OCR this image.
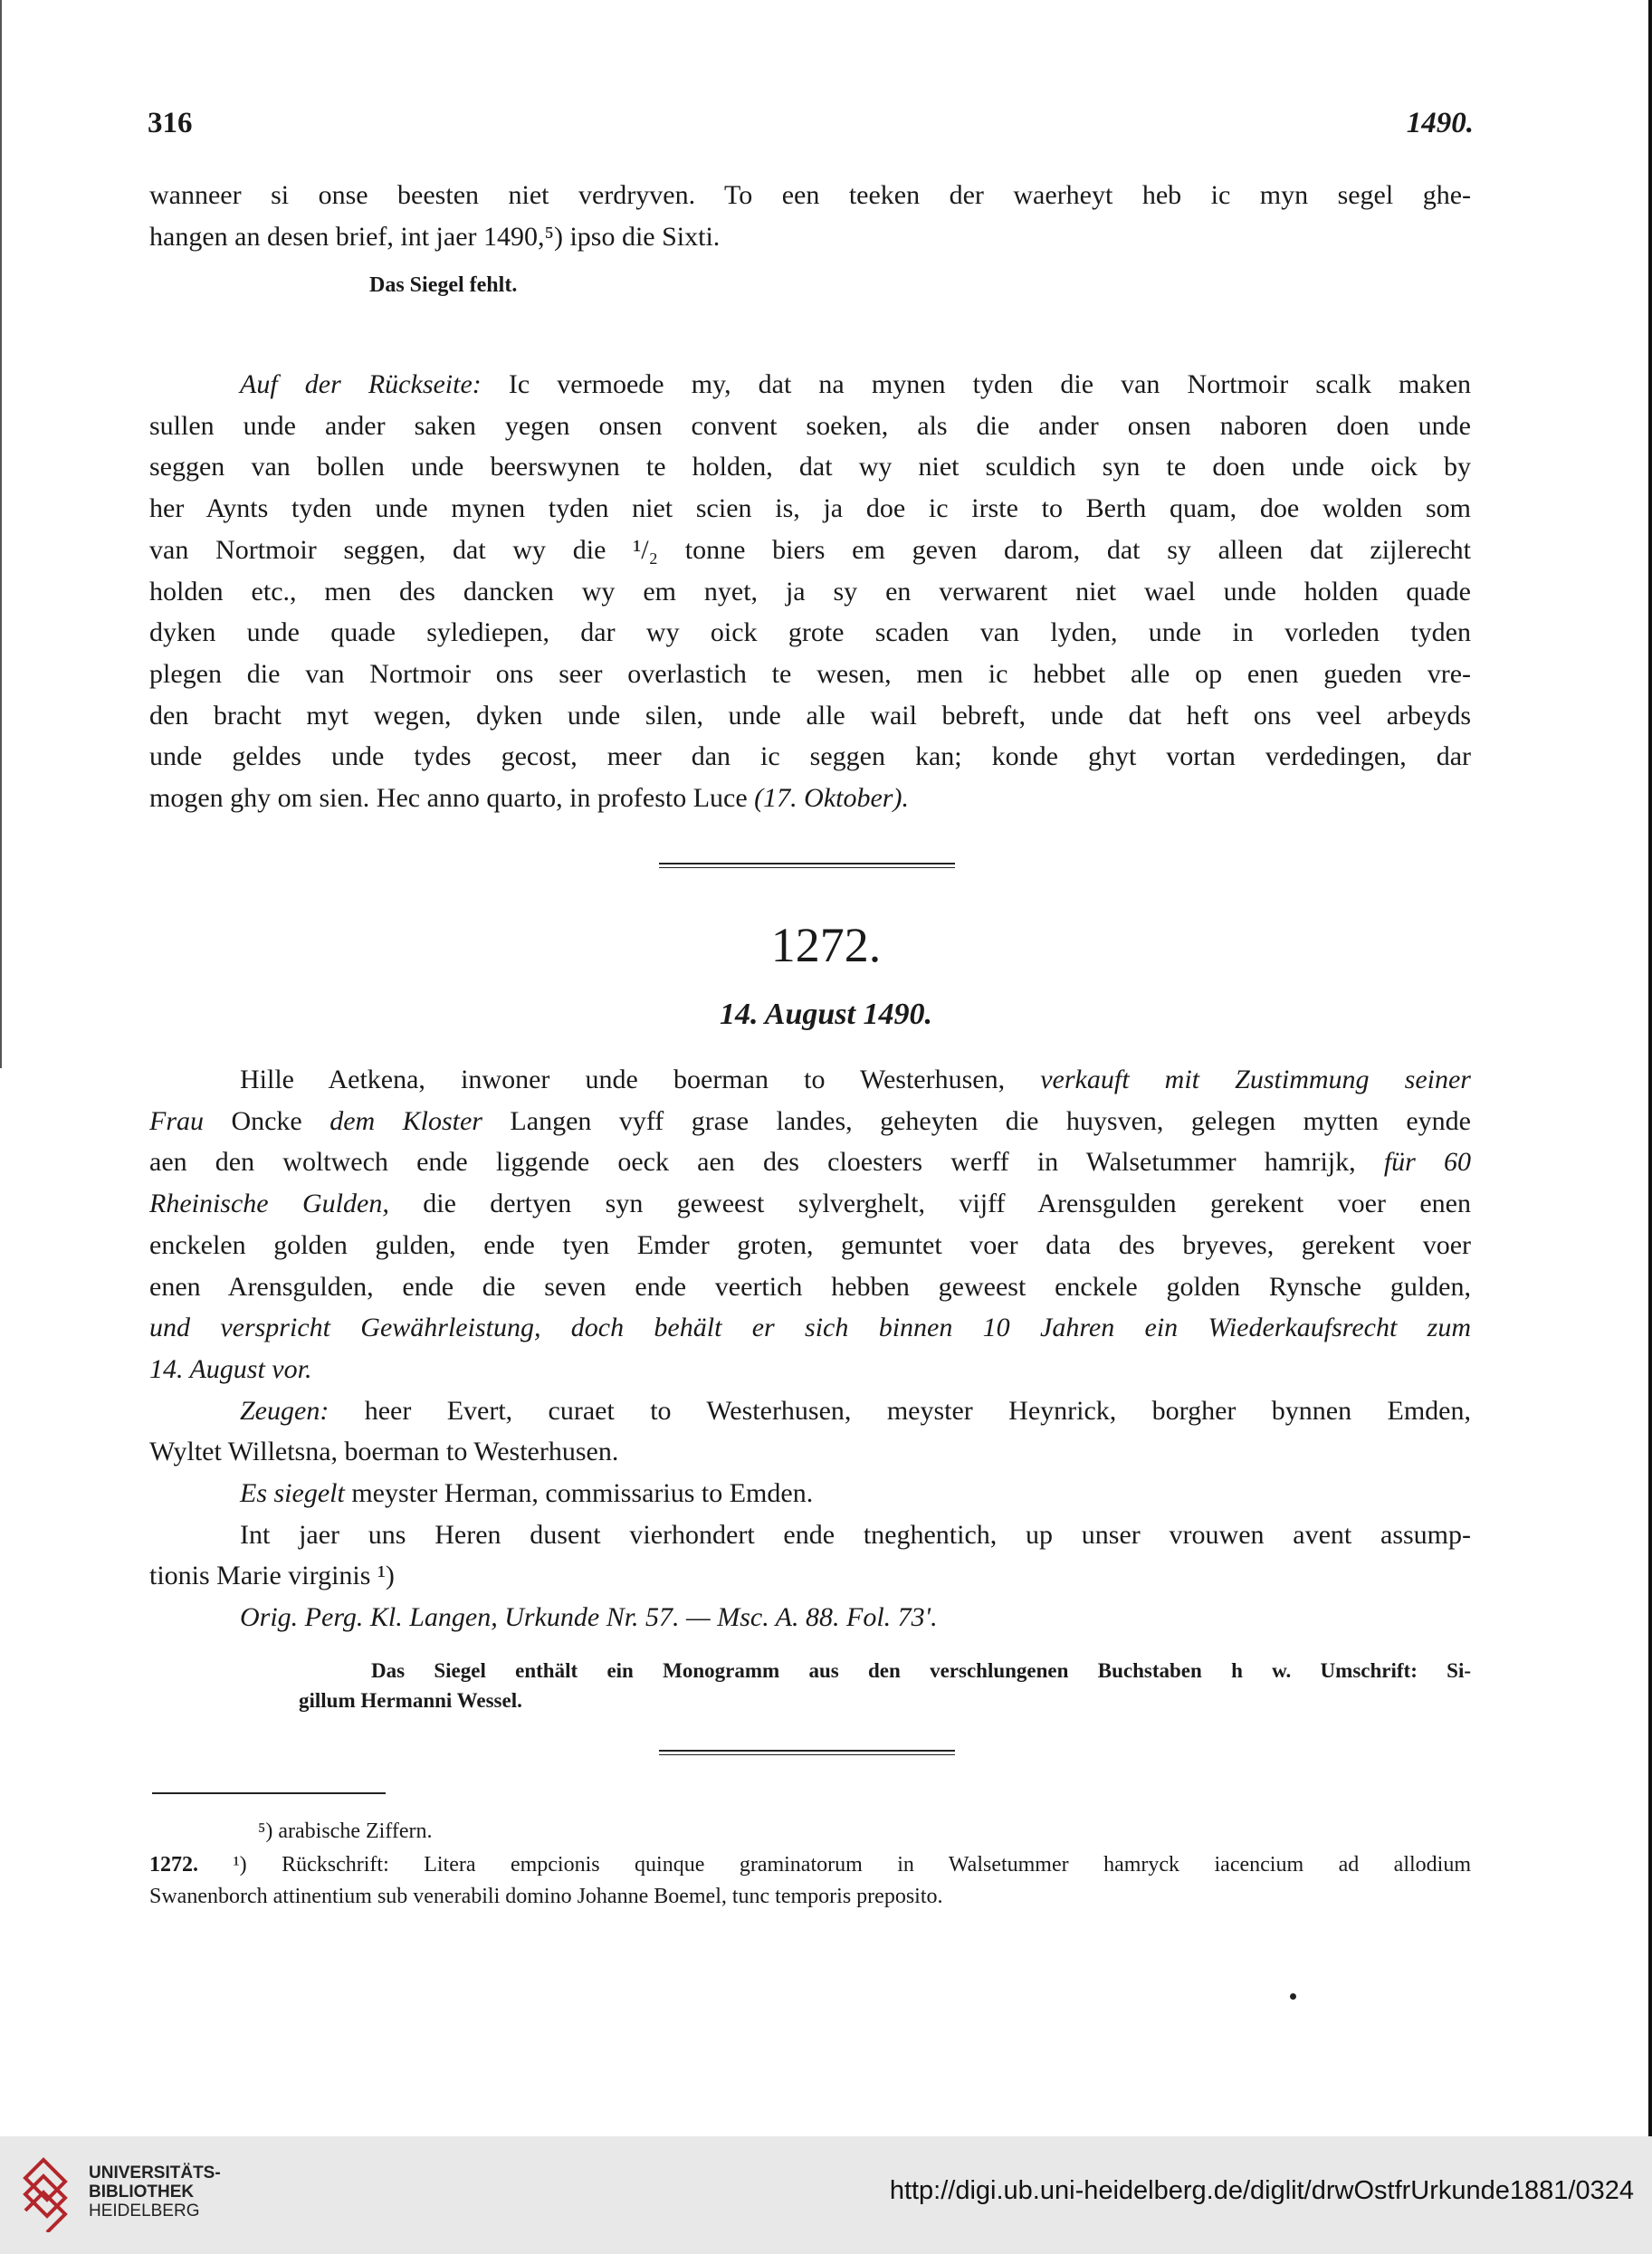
316	1490.
wanneer si onse beesten niet verdryven. To een teeken der waerheyt heb ic myn segel ghe-
hangen an desen brief, int jaer 1490,⁵) ipso die Sixti.
Das Siegel fehlt.
Auf der Rückseite: Ic vermoede my, dat na mynen tyden die van Nortmoir scalk maken
sullen unde ander saken yegen onsen convent soeken, als die ander onsen naboren doen unde
seggen van bollen unde beerswynen te holden, dat wy niet sculdich syn te doen unde oick by
her Aynts tyden unde mynen tyden niet scien is, ja doe ic irste to Berth quam, doe wolden som
van Nortmoir seggen, dat wy die ¹/₂ tonne biers em geven darom, dat sy alleen dat zijlerecht
holden etc., men des dancken wy em nyet, ja sy en verwarent niet wael unde holden quade
dyken unde quade sylediepen, dar wy oick grote scaden van lyden, unde in vorleden tyden
plegen die van Nortmoir ons seer overlastich te wesen, men ic hebbet alle op enen gueden vre-
den bracht myt wegen, dyken unde silen, unde alle wail bebreft, unde dat heft ons veel arbeyds
unde geldes unde tydes gecost, meer dan ic seggen kan; konde ghyt vortan verdedingen, dar
mogen ghy om sien. Hec anno quarto, in profesto Luce (17. Oktober).
1272.
14. August 1490.
Hille Aetkena, inwoner unde boerman to Westerhusen, verkauft mit Zustimmung seiner
Frau Oncke dem Kloster Langen vyff grase landes, geheyten die huysven, gelegen mytten eynde
aen den woltwech ende liggende oeck aen des cloesters werff in Walsetummer hamrijk, für 60
Rheinische Gulden, die dertyen syn geweest sylverghelt, vijff Arensgulden gerekent voer enen
enckelen golden gulden, ende tyen Emder groten, gemuntet voer data des bryeves, gerekent voer
enen Arensgulden, ende die seven ende veertich hebben geweest enckele golden Rynsche gulden,
und verspricht Gewährleistung, doch behält er sich binnen 10 Jahren ein Wiederkaufsrecht zum
14. August vor.
Zeugen: heer Evert, curaet to Westerhusen, meyster Heynrick, borgher bynnen Emden,
Wyltet Willetsna, boerman to Westerhusen.
Es siegelt meyster Herman, commissarius to Emden.
Int jaer uns Heren dusent vierhondert ende tneghentich, up unser vrouwen avent assump-
tionis Marie virginis ¹)
Orig. Perg. Kl. Langen, Urkunde Nr. 57. — Msc. A. 88. Fol. 73'.
Das Siegel enthält ein Monogramm aus den verschlungenen Buchstaben h w. Umschrift: Si-
gillum Hermanni Wessel.
⁵) arabische Ziffern.
1272. ¹) Rückschrift: Litera empcionis quinque graminatorum in Walsetummer hamryck iacencium ad allodium
Swanenborch attinentium sub venerabili domino Johanne Boemel, tunc temporis preposito.
UNIVERSITÄTS-
BIBLIOTHEK
HEIDELBERG
http://digi.ub.uni-heidelberg.de/diglit/drwOstfrUrkunde1881/0324
